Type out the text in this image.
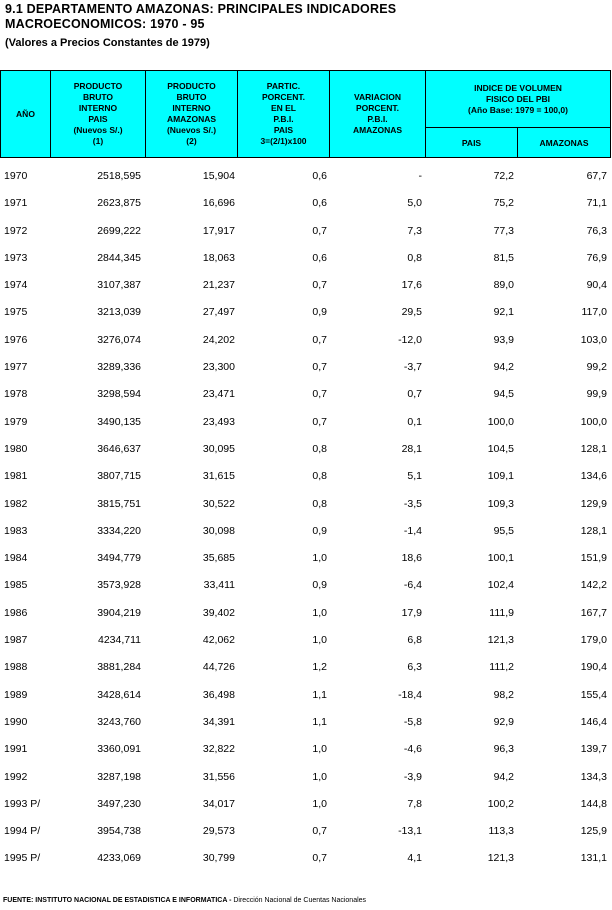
9.1 DEPARTAMENTO AMAZONAS: PRINCIPALES INDICADORES
MACROECONOMICOS: 1970 - 95
(Valores a Precios Constantes de 1979)
AÑO
PRODUCTO
BRUTO
INTERNO
PAIS
(Nuevos S/.)
(1)
PRODUCTO
BRUTO
INTERNO
AMAZONAS
(Nuevos S/.)
(2)
PARTIC.
PORCENT.
EN EL
P.B.I.
PAIS
3=(2/1)x100
VARIACION
PORCENT.
P.B.I.
AMAZONAS
INDICE DE VOLUMEN
FISICO DEL PBI
(Año Base: 1979 = 100,0)
PAIS	AMAZONAS
1970	2518,595	15,904	0,6	-	72,2	67,7
1971	2623,875	16,696	0,6	5,0	75,2	71,1
1972	2699,222	17,917	0,7	7,3	77,3	76,3
1973	2844,345	18,063	0,6	0,8	81,5	76,9
1974	3107,387	21,237	0,7	17,6	89,0	90,4
1975	3213,039	27,497	0,9	29,5	92,1	117,0
1976	3276,074	24,202	0,7	-12,0	93,9	103,0
1977	3289,336	23,300	0,7	-3,7	94,2	99,2
1978	3298,594	23,471	0,7	0,7	94,5	99,9
1979	3490,135	23,493	0,7	0,1	100,0	100,0
1980	3646,637	30,095	0,8	28,1	104,5	128,1
1981	3807,715	31,615	0,8	5,1	109,1	134,6
1982	3815,751	30,522	0,8	-3,5	109,3	129,9
1983	3334,220	30,098	0,9	-1,4	95,5	128,1
1984	3494,779	35,685	1,0	18,6	100,1	151,9
1985	3573,928	33,411	0,9	-6,4	102,4	142,2
1986	3904,219	39,402	1,0	17,9	111,9	167,7
1987	4234,711	42,062	1,0	6,8	121,3	179,0
1988	3881,284	44,726	1,2	6,3	111,2	190,4
1989	3428,614	36,498	1,1	-18,4	98,2	155,4
1990	3243,760	34,391	1,1	-5,8	92,9	146,4
1991	3360,091	32,822	1,0	-4,6	96,3	139,7
1992	3287,198	31,556	1,0	-3,9	94,2	134,3
1993 P/	3497,230	34,017	1,0	7,8	100,2	144,8
1994 P/	3954,738	29,573	0,7	-13,1	113,3	125,9
1995 P/	4233,069	30,799	0,7	4,1	121,3	131,1
FUENTE: INSTITUTO NACIONAL DE ESTADISTICA E INFORMATICA - Dirección Nacional de Cuentas Nacionales
